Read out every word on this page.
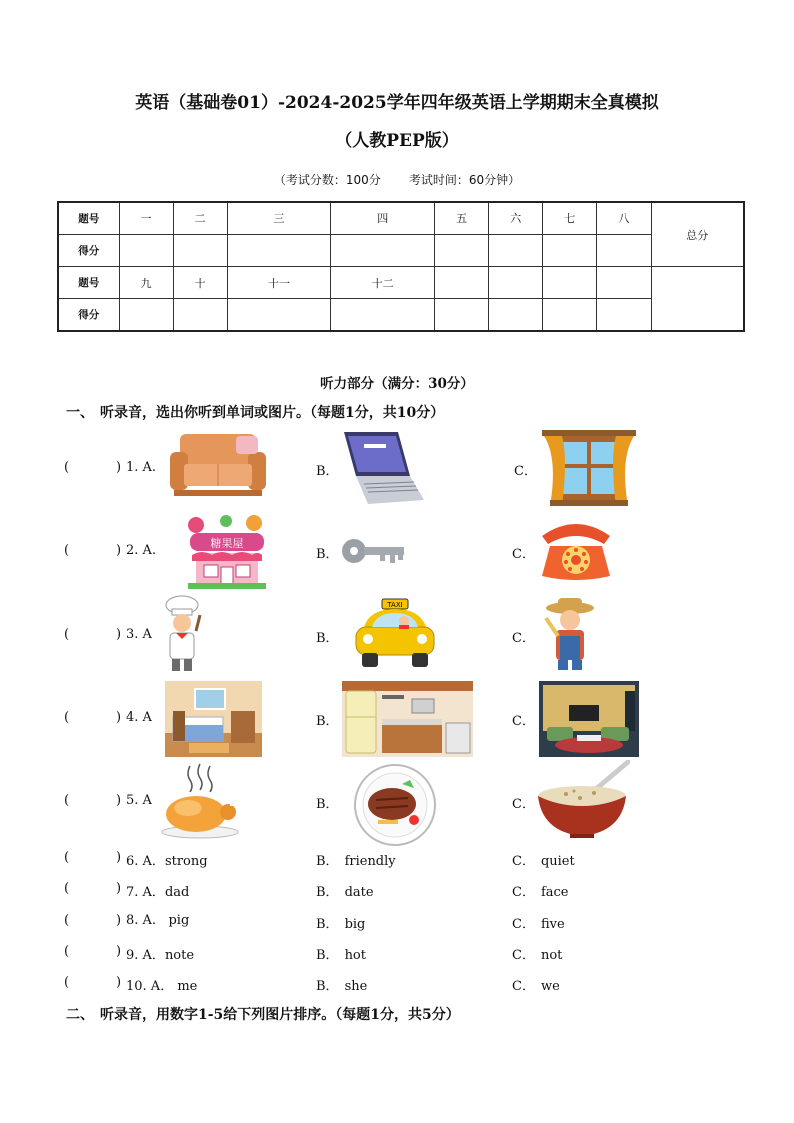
英语（基础卷01）-2024-2025学年四年级英语上学期期末全真模拟
（人教PEP版）
（考试分数：100分 考试时间：60分钟）
题号	一	二	三	四	五	六	七	八	总分
得分									
题号	九	十	十一	十二					
得分									
听力部分（满分：30分）
一、 听录音，选出你听到单词或图片。（每题1分，共10分）
(	) 1. A.	B．	C．
(	) 2. A.	B．	C．
(	) 3. A	B．	C．
(	) 4. A	B．	C．
(	) 5. A	B．	C．
糖果屋
TAXI
(	) 6. A．strong	B． friendly	C． quiet
(	) 7. A．dad	B． date	C． face
(	) 8. A. pig	B． big	C． five
(	) 9. A．note	B． hot	C． not
(	) 10. A． me	B． she	C． we
二、 听录音，用数字1-5给下列图片排序。（每题1分，共5分）
